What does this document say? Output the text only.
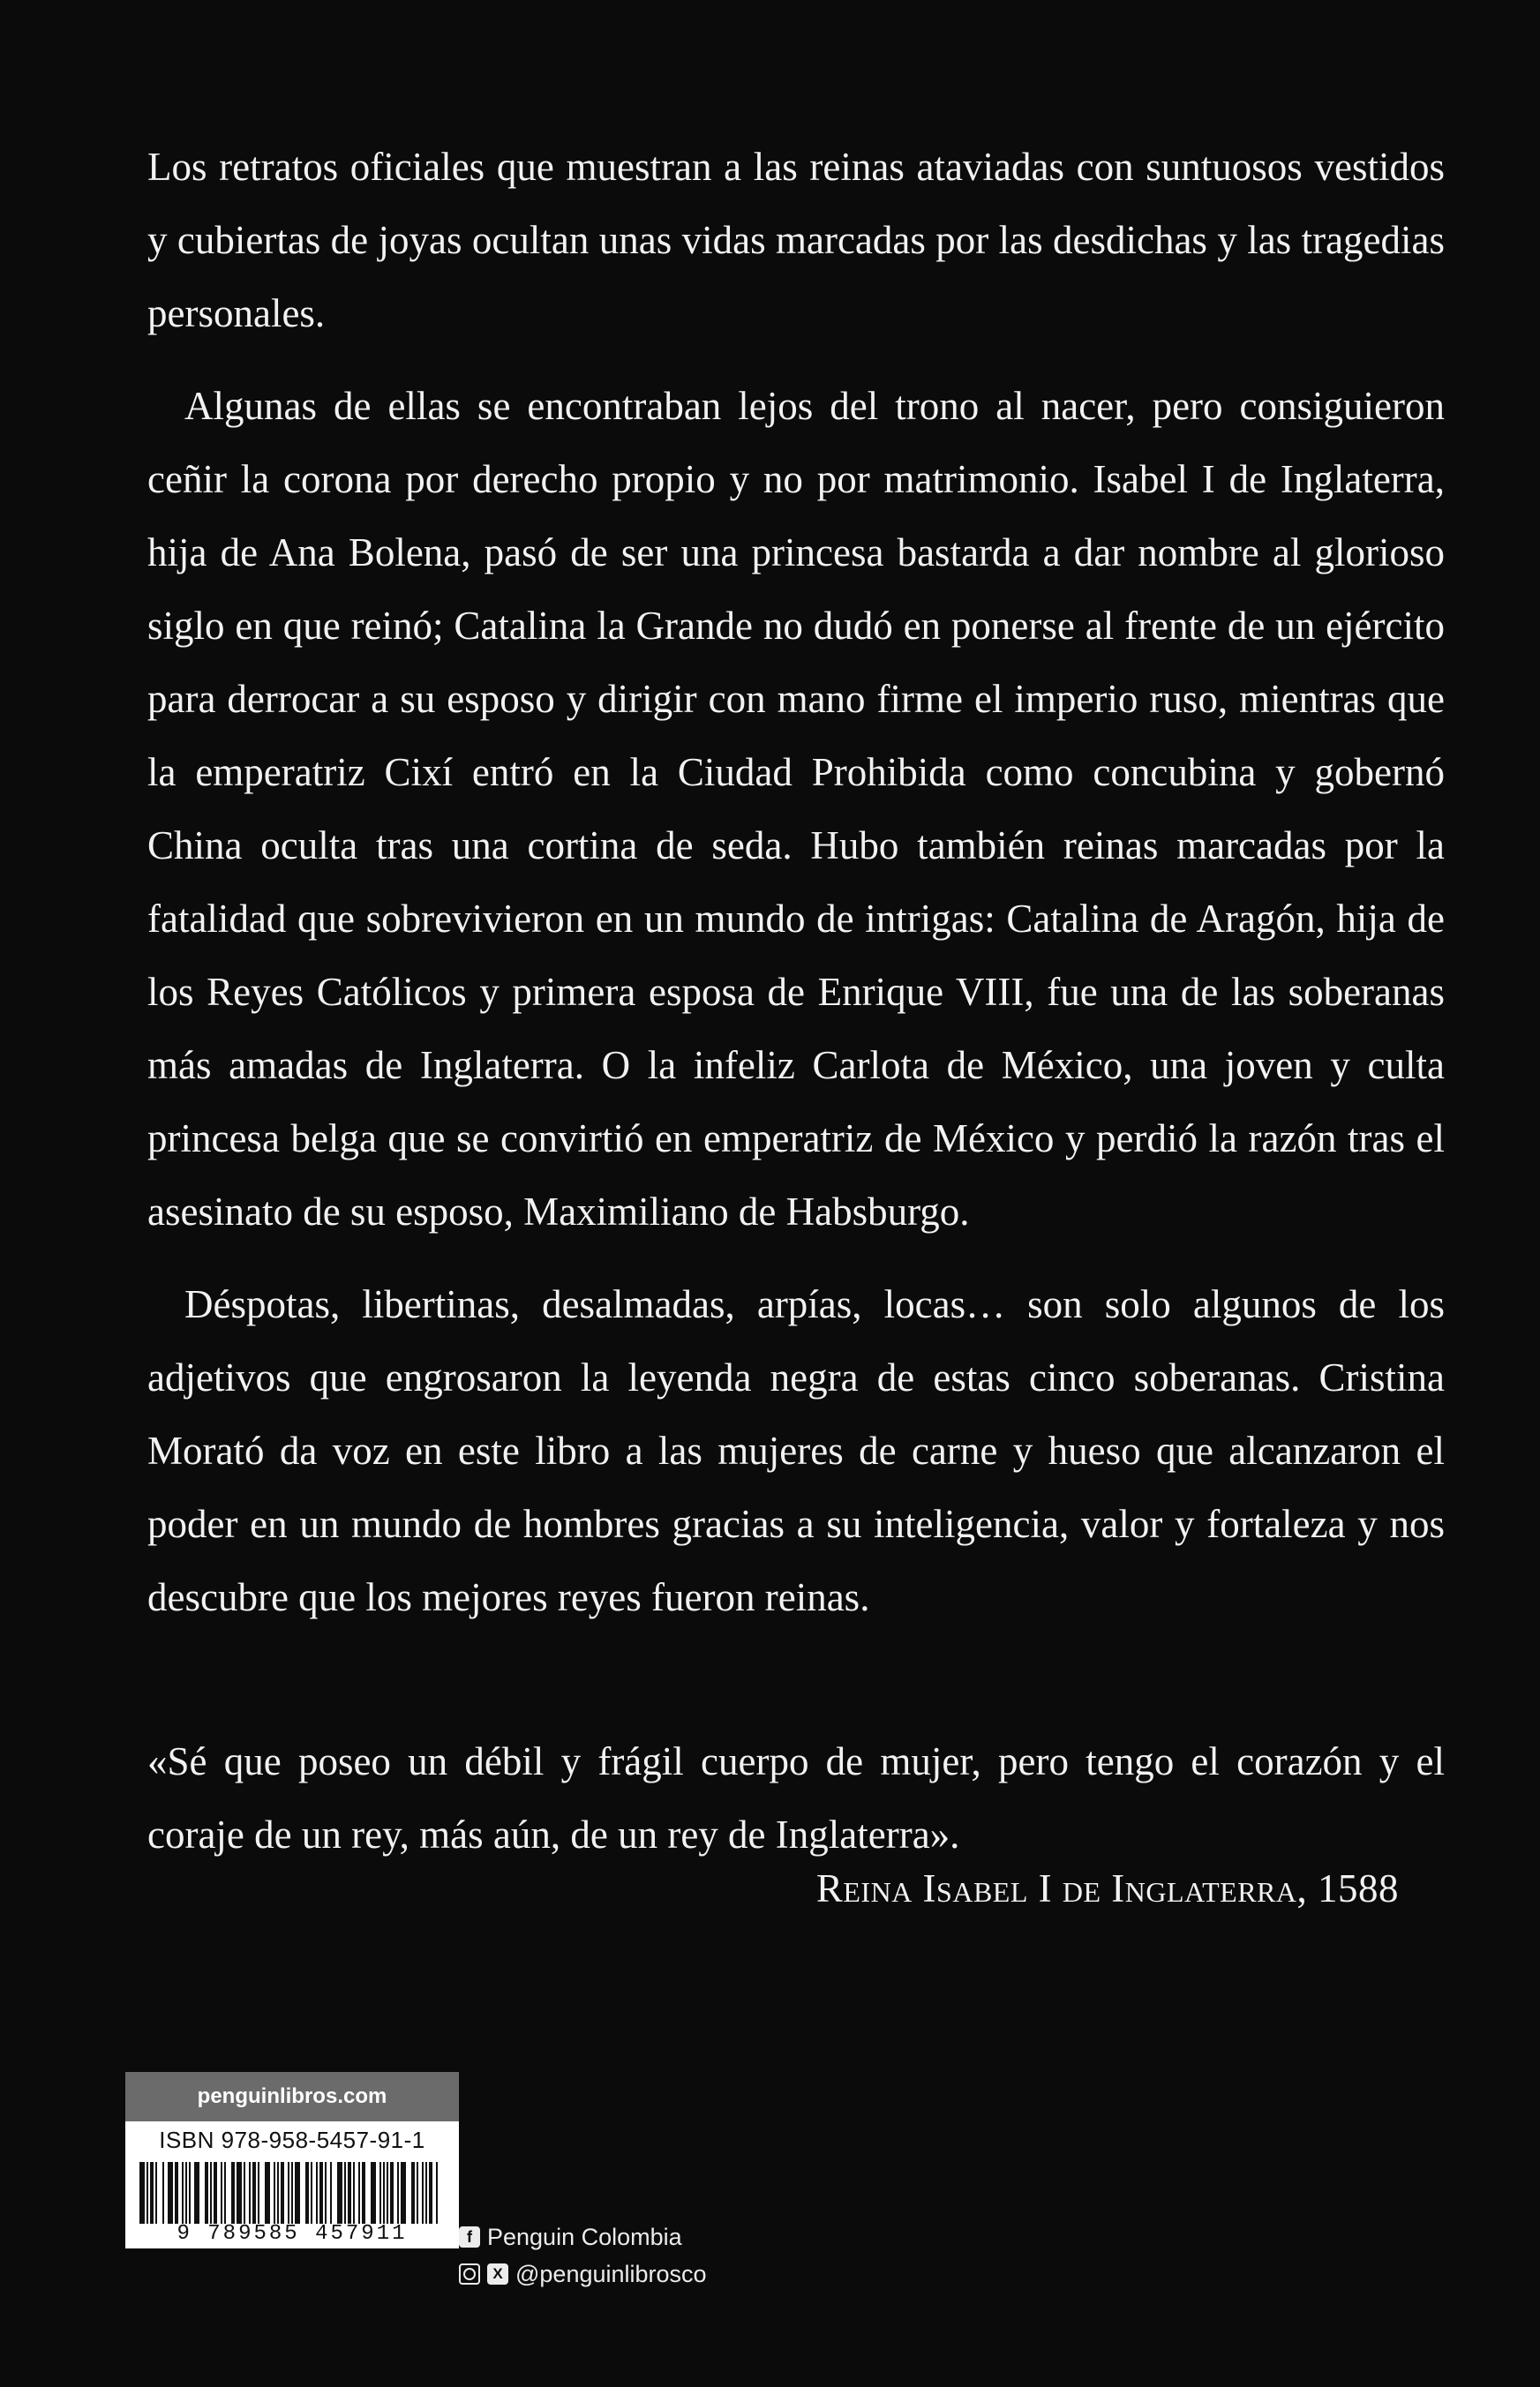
Los retratos oficiales que muestran a las reinas ataviadas con suntuosos vestidos y cubiertas de joyas ocultan unas vidas marcadas por las desdichas y las tragedias personales.

Algunas de ellas se encontraban lejos del trono al nacer, pero consiguieron ceñir la corona por derecho propio y no por matrimonio. Isabel I de Inglaterra, hija de Ana Bolena, pasó de ser una princesa bastarda a dar nombre al glorioso siglo en que reinó; Catalina la Grande no dudó en ponerse al frente de un ejército para derrocar a su esposo y dirigir con mano firme el imperio ruso, mientras que la emperatriz Cixí entró en la Ciudad Prohibida como concubina y gobernó China oculta tras una cortina de seda. Hubo también reinas marcadas por la fatalidad que sobrevivieron en un mundo de intrigas: Catalina de Aragón, hija de los Reyes Católicos y primera esposa de Enrique VIII, fue una de las soberanas más amadas de Inglaterra. O la infeliz Carlota de México, una joven y culta princesa belga que se convirtió en emperatriz de México y perdió la razón tras el asesinato de su esposo, Maximiliano de Habsburgo.

Déspotas, libertinas, desalmadas, arpías, locas… son solo algunos de los adjetivos que engrosaron la leyenda negra de estas cinco soberanas. Cristina Morató da voz en este libro a las mujeres de carne y hueso que alcanzaron el poder en un mundo de hombres gracias a su inteligencia, valor y fortaleza y nos descubre que los mejores reyes fueron reinas.

«Sé que poseo un débil y frágil cuerpo de mujer, pero tengo el corazón y el coraje de un rey, más aún, de un rey de Inglaterra».
Reina Isabel I de Inglaterra, 1588
penguinlibros.com
ISBN 978-958-5457-91-1
9 789585 457911	f Penguin Colombia
X @penguinlibrosco
